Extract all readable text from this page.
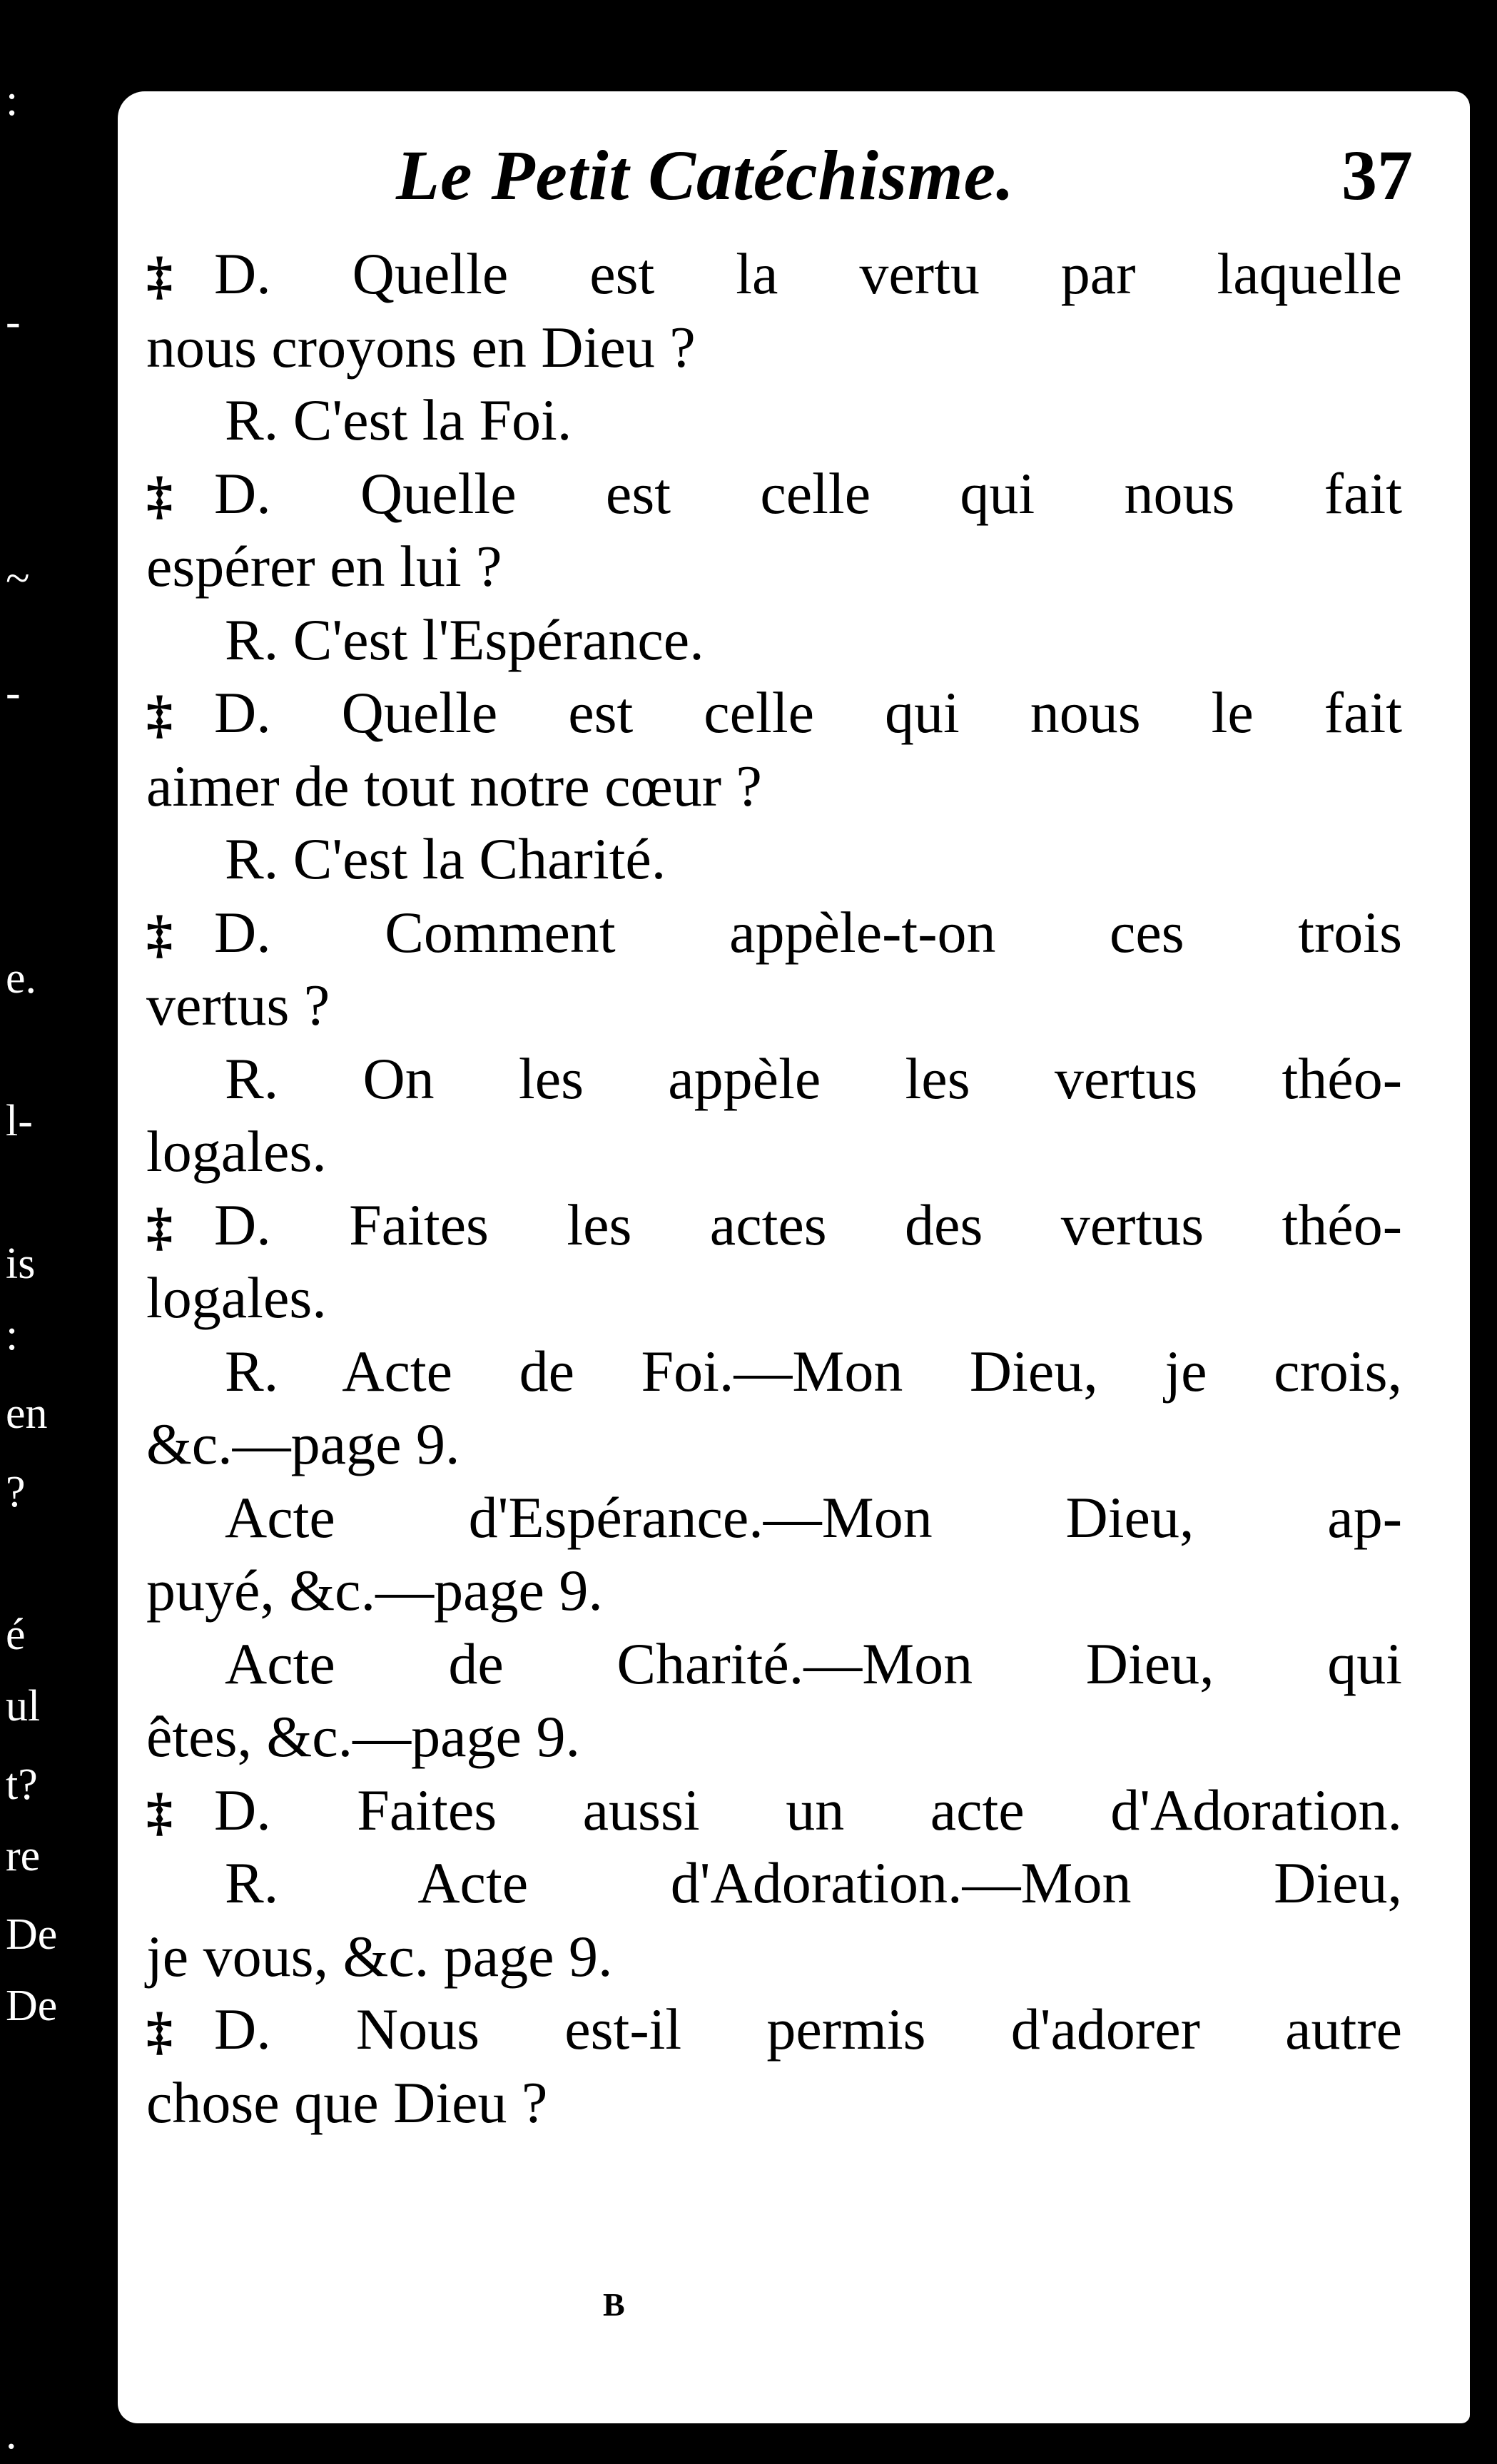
:
-
~
-
e.
l-
is
:
en
?
é
ul
t?
re
De
De
.
Le Petit Catéchisme.	37
‡ D. Quelle est la vertu par laquelle
nous croyons en Dieu ?
R. C'est la Foi.
‡ D. Quelle est celle qui nous fait
espérer en lui ?
R. C'est l'Espérance.
‡ D. Quelle est celle qui nous le fait
aimer de tout notre cœur ?
R. C'est la Charité.
‡ D. Comment appèle-t-on ces trois
vertus ?
R. On les appèle les vertus théo-
logales.
‡ D. Faites les actes des vertus théo-
logales.
R. Acte de Foi.—Mon Dieu, je crois,
&c.—page 9.
Acte d'Espérance.—Mon Dieu, ap-
puyé, &c.—page 9.
Acte de Charité.—Mon Dieu, qui
êtes, &c.—page 9.
‡ D. Faites aussi un acte d'Adoration.
R. Acte d'Adoration.—Mon Dieu,
je vous, &c. page 9.
‡ D. Nous est-il permis d'adorer autre
chose que Dieu ?
B
